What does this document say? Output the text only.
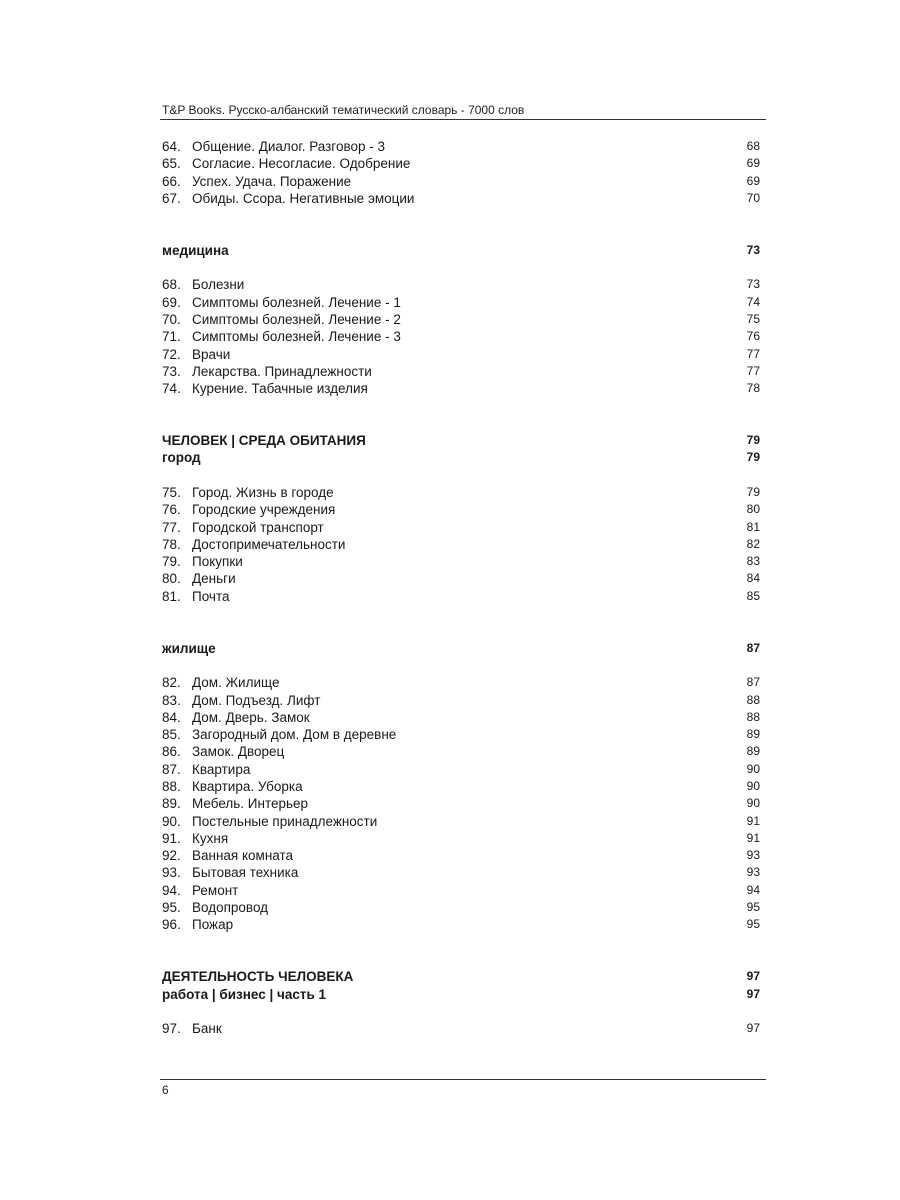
T&P Books. Русско-албанский тематический словарь - 7000 слов
64. Общение. Диалог. Разговор - 3	68
65. Согласие. Несогласие. Одобрение	69
66. Успех. Удача. Поражение	69
67. Обиды. Ссора. Негативные эмоции	70
медицина	73
68. Болезни	73
69. Симптомы болезней. Лечение - 1	74
70. Симптомы болезней. Лечение - 2	75
71. Симптомы болезней. Лечение - 3	76
72. Врачи	77
73. Лекарства. Принадлежности	77
74. Курение. Табачные изделия	78
ЧЕЛОВЕК | СРЕДА ОБИТАНИЯ	79
город	79
75. Город. Жизнь в городе	79
76. Городские учреждения	80
77. Городской транспорт	81
78. Достопримечательности	82
79. Покупки	83
80. Деньги	84
81. Почта	85
жилище	87
82. Дом. Жилище	87
83. Дом. Подъезд. Лифт	88
84. Дом. Дверь. Замок	88
85. Загородный дом. Дом в деревне	89
86. Замок. Дворец	89
87. Квартира	90
88. Квартира. Уборка	90
89. Мебель. Интерьер	90
90. Постельные принадлежности	91
91. Кухня	91
92. Ванная комната	93
93. Бытовая техника	93
94. Ремонт	94
95. Водопровод	95
96. Пожар	95
ДЕЯТЕЛЬНОСТЬ ЧЕЛОВЕКА	97
работа | бизнес | часть 1	97
97. Банк	97
6
